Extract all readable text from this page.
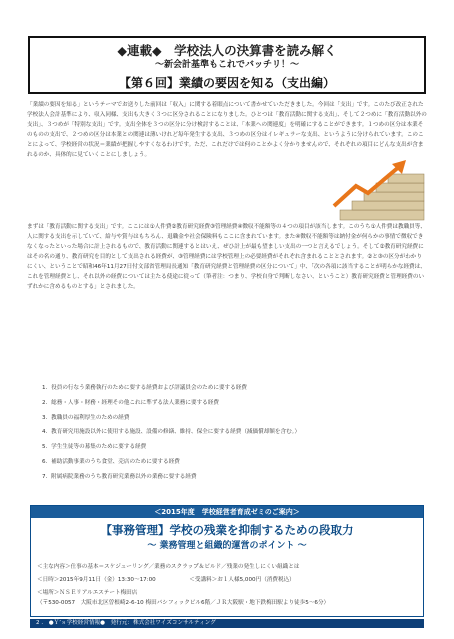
◆連載◆　学校法人の決算書を読み解く
～新会計基準もこれでバッチリ！～
【第６回】業績の要因を知る（支出編）

「業績の要因を知る」というテーマでお送りした前回は「収入」に関する着眼点について書かせていただきました。今回は「支出」です。このたび改正された学校法人会計基準により、収入同様、支出も大きく３つに区分されることになりました。ひとつは「教育活動に関する支出」、そして２つめに「教育活動以外の支出」、３つめが「特別な支出」です。支出全体を３つの区分に分け検討することは、「本業への関連度」を明確にすることができます。１つめの区分は本業そのものの支出で、２つめの区分は本業との関連は薄いけれど毎年発生する支出、３つめの区分はイレギュラーな支出、というように分けられています。このことによって、学校経営の状況＝業績が把握しやすくなるわけです。ただ、これだけでは何のことかよく分かりませんので、それぞれの項目にどんな支出が含まれるのか、具体的に見ていくことにしましょう。

まずは「教育活動に関する支出」です。ここには①人件費②教育研究経費③管理経費④徴収不能額等の４つの項目が該当します。このうち①人件費は教職員等、人に関する支出を示していて、給与や賞与はもちろん、退職金や社会保険料もここに含まれています。また④徴収不能額等は納付金が何らかの事情で徴収できなくなったといった場合に計上されるもので、教育活動に関連するとはいえ、ぜひ計上が最も望ましい支出の一つと言えるでしょう。そして②教育研究経費にはその名の通り、教育研究を目的として支出される経費が、③管理経費には学校管理上の必要経費がそれぞれ含まれることとされます。②と③の区分がわかりにくい、ということで昭和46年11月27日付文部省管理局長通知「教育研究経費と管理経費の区分について」中、「次の各項に該当することが明らかな経費は、これを管理経費とし、それ以外の経費については主たる使途に従って（筆者注：つまり、学校自身で判断しなさい、ということ）教育研究経費と管理経費のいずれかに含めるものとする」とされました。

1．役員の行なう業務執行のために要する経費および評議員会のために要する経費
2．総務・人事・財務・経理その他これに準ずる法人業務に要する経費
3．教職員の福利厚生のための経費
4．教育研究用施設以外に使用する施設、設備の修繕、維持、保全に要する経費（減価償却額を含む。）
5．学生生徒等の募集のために要する経費
6．補助活動事業のうち食堂、売店のために要する経費
7．附属病院業務のうち教育研究業務以外の業務に要する経費
＜2015年度　学校経営者育成ゼミのご案内＞
【事務管理】学校の残業を抑制するための段取力
～ 業務管理と組織的運営のポイント ～
＜主な内容＞仕事の基本＝スケジューリング／業務のスクラップ＆ビルド／残業の発生しにくい組織とは
＜日時＞2015年9月11日（金）13:30～17:00	＜受講料＞お１人様5,000円（消費税込）
＜場所＞ＮＳＥリアルエステート梅田店
（〒530-0057　大阪市北区曽根崎2-6-10 梅田パシフィックビル6階／ＪＲ大阪駅・地下鉄梅田駅より徒歩5～6分）
2 ． ●Ｙ’ｓ学校経営情報●　発行元：株式会社ワイズコンサルティング
